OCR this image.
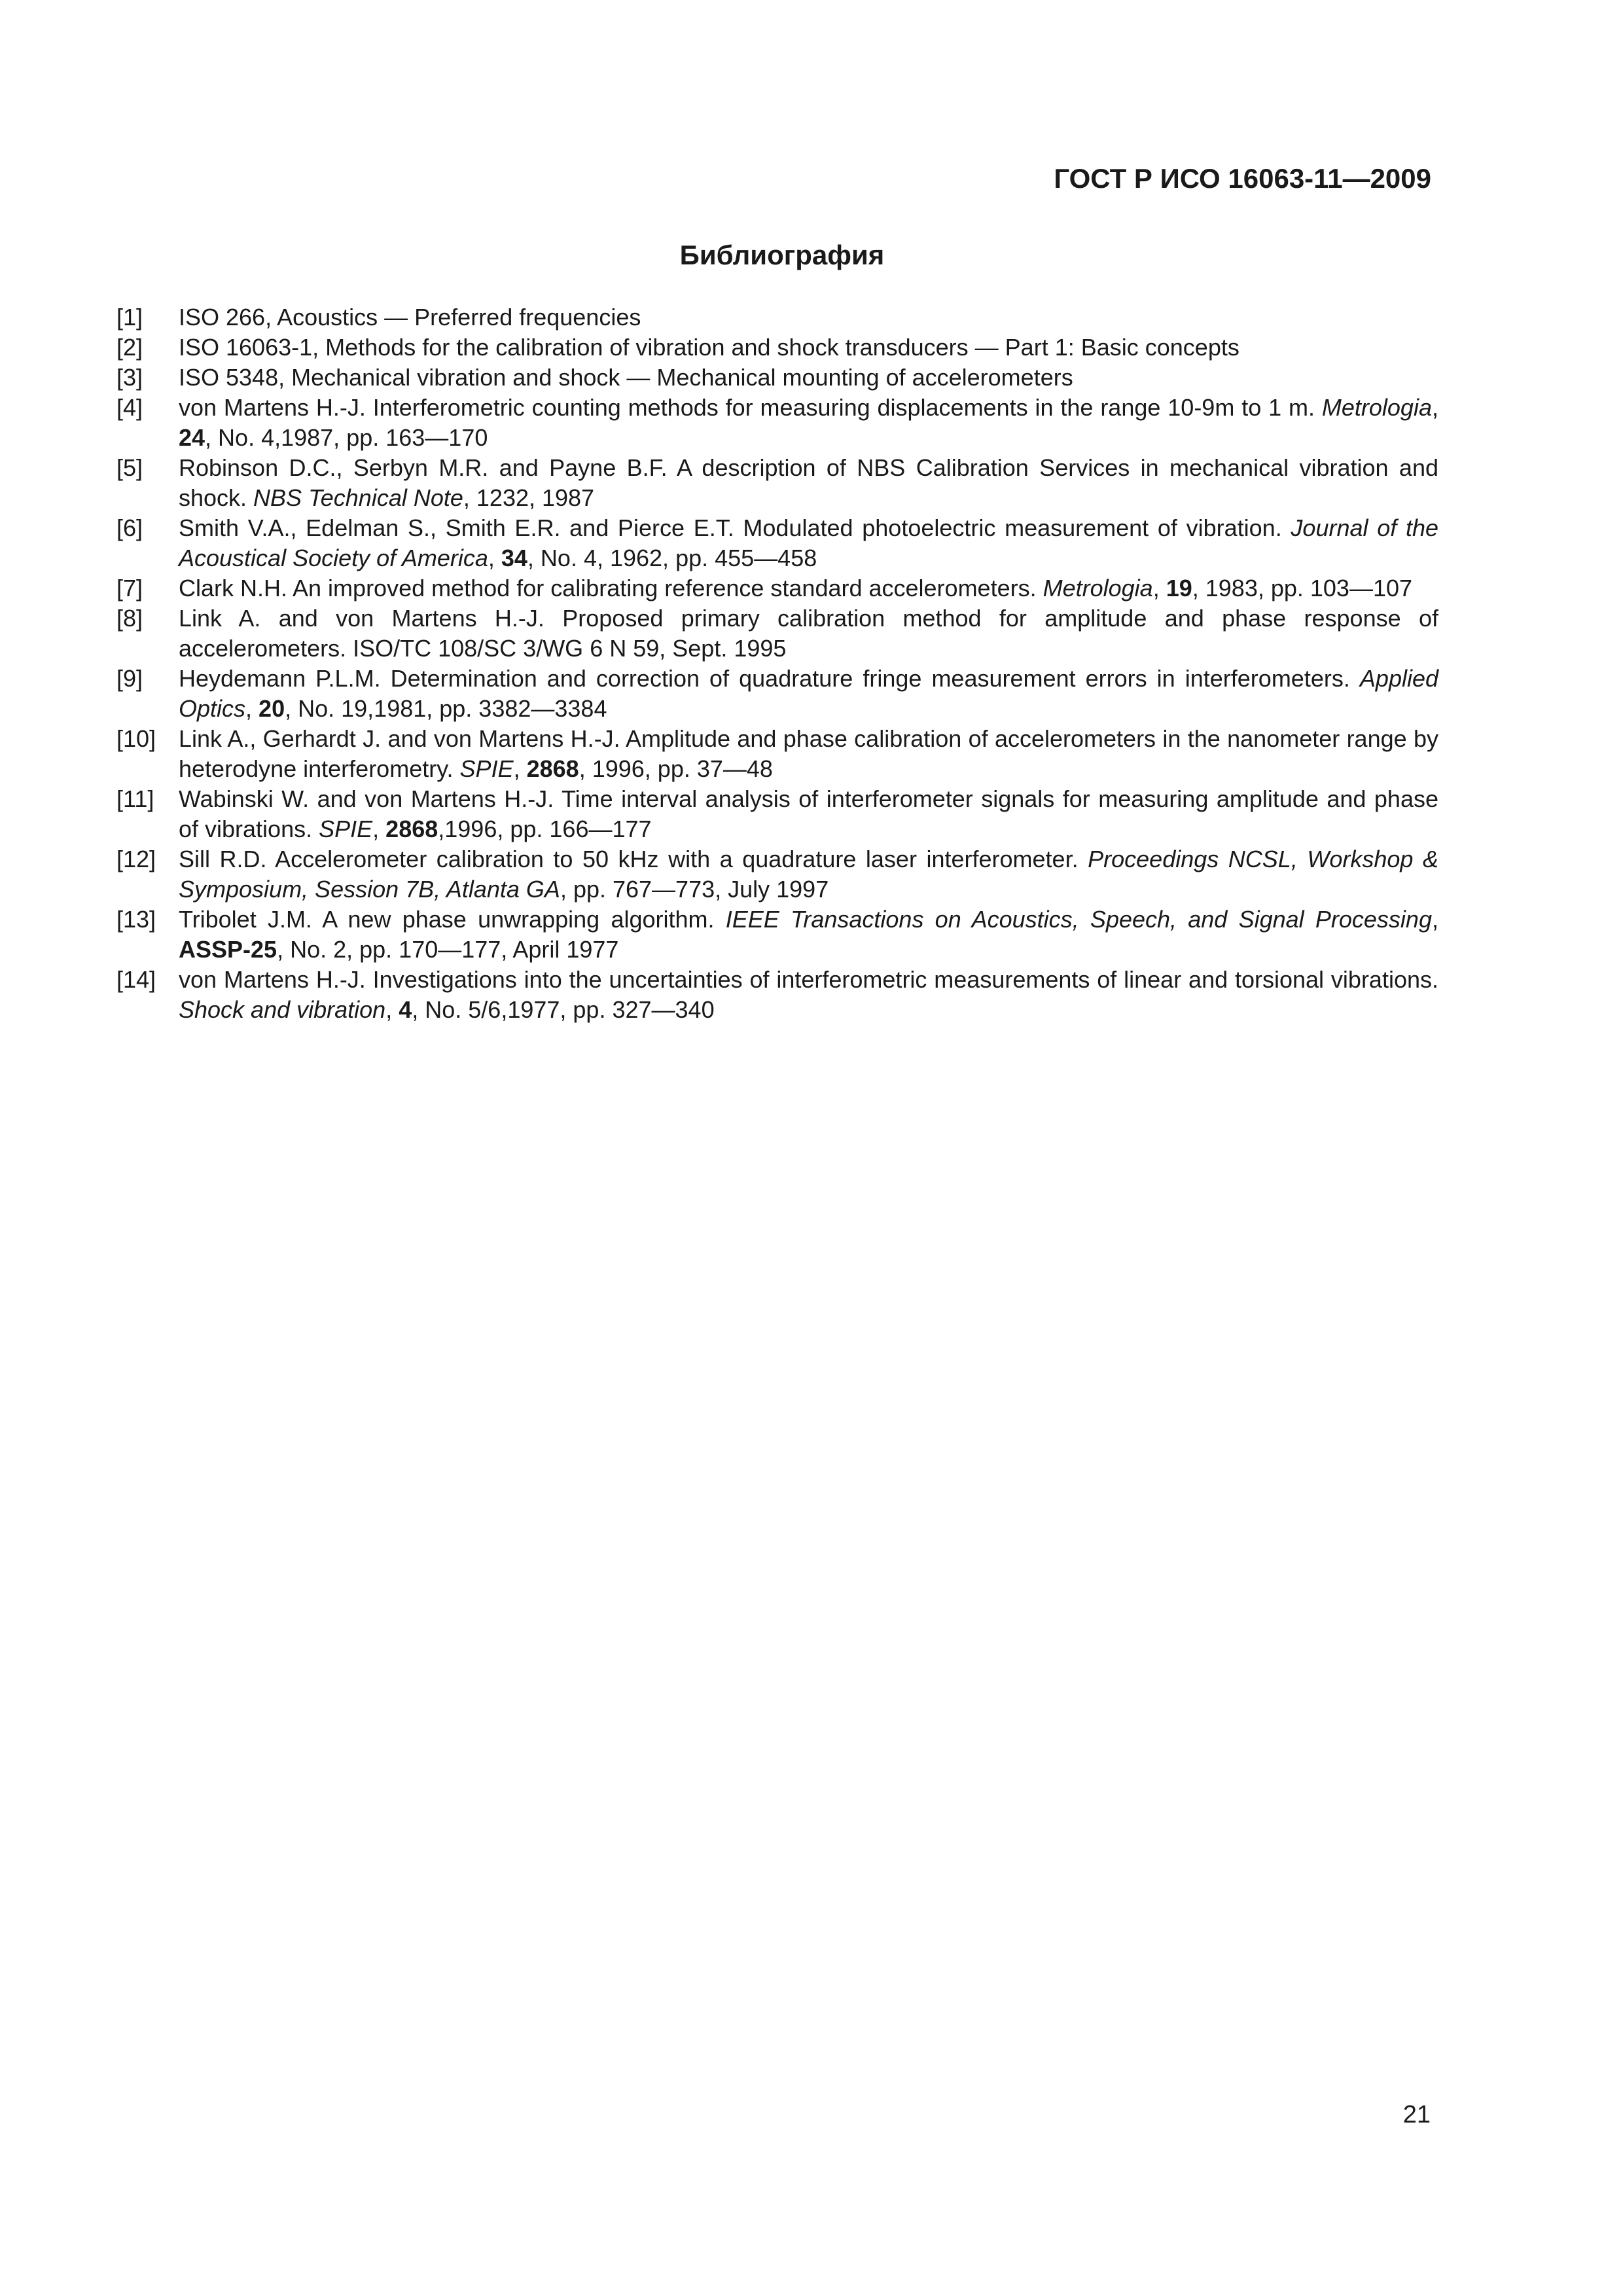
ГОСТ Р ИСО 16063-11—2009
Библиография
[1] ISO 266, Acoustics — Preferred frequencies
[2] ISO 16063-1, Methods for the calibration of vibration and shock transducers — Part 1: Basic concepts
[3] ISO 5348, Mechanical vibration and shock — Mechanical mounting of accelerometers
[4] von Martens H.-J. Interferometric counting methods for measuring displacements in the range 10-9m to 1 m. Metrologia, 24, No. 4,1987, pp. 163—170
[5] Robinson D.C., Serbyn M.R. and Payne B.F. A description of NBS Calibration Services in mechanical vibration and shock. NBS Technical Note, 1232, 1987
[6] Smith V.A., Edelman S., Smith E.R. and Pierce E.T. Modulated photoelectric measurement of vibration. Journal of the Acoustical Society of America, 34, No. 4, 1962, pp. 455—458
[7] Clark N.H. An improved method for calibrating reference standard accelerometers. Metrologia, 19, 1983, pp. 103—107
[8] Link A. and von Martens H.-J. Proposed primary calibration method for amplitude and phase response of accelerometers. ISO/TC 108/SC 3/WG 6 N 59, Sept. 1995
[9] Heydemann P.L.M. Determination and correction of quadrature fringe measurement errors in interferometers. Applied Optics, 20, No. 19,1981, pp. 3382—3384
[10] Link A., Gerhardt J. and von Martens H.-J. Amplitude and phase calibration of accelerometers in the nanometer range by heterodyne interferometry. SPIE, 2868, 1996, pp. 37—48
[11] Wabinski W. and von Martens H.-J. Time interval analysis of interferometer signals for measuring amplitude and phase of vibrations. SPIE, 2868,1996, pp. 166—177
[12] Sill R.D. Accelerometer calibration to 50 kHz with a quadrature laser interferometer. Proceedings NCSL, Workshop & Symposium, Session 7B, Atlanta GA, pp. 767—773, July 1997
[13] Tribolet J.M. A new phase unwrapping algorithm. IEEE Transactions on Acoustics, Speech, and Signal Processing, ASSP-25, No. 2, pp. 170—177, April 1977
[14] von Martens H.-J. Investigations into the uncertainties of interferometric measurements of linear and torsional vibrations. Shock and vibration, 4, No. 5/6,1977, pp. 327—340
21
